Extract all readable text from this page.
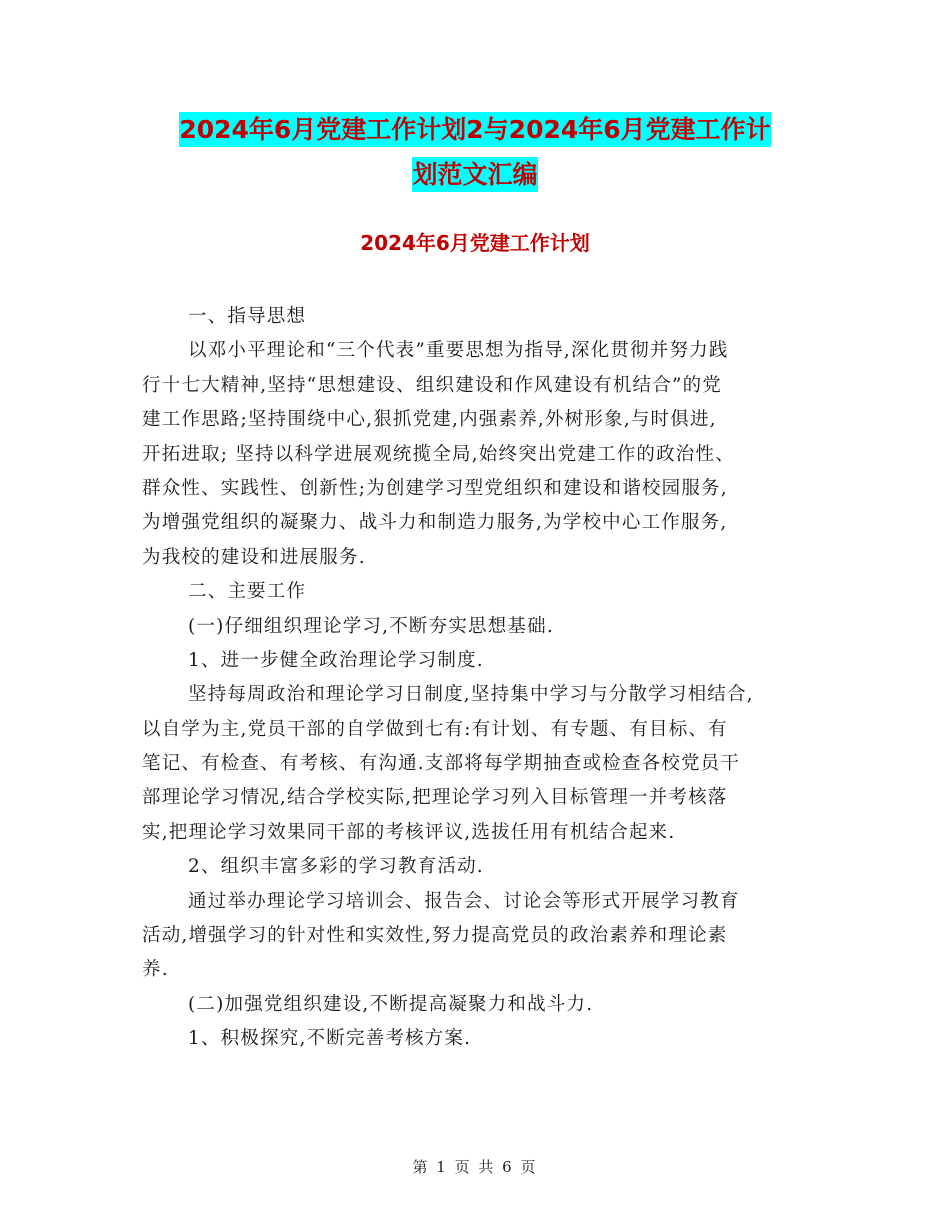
2024年6月党建工作计划2与2024年6月党建工作计
划范文汇编
2024年6月党建工作计划
一、指导思想
以邓小平理论和“三个代表”重要思想为指导,深化贯彻并努力践
行十七大精神,坚持“思想建设、组织建设和作风建设有机结合”的党
建工作思路;坚持围绕中心,狠抓党建,内强素养,外树形象,与时俱进,
开拓进取; 坚持以科学进展观统揽全局,始终突出党建工作的政治性、
群众性、实践性、创新性;为创建学习型党组织和建设和谐校园服务,
为增强党组织的凝聚力、战斗力和制造力服务,为学校中心工作服务,
为我校的建设和进展服务.
二、主要工作
(一)仔细组织理论学习,不断夯实思想基础.
1、进一步健全政治理论学习制度.
坚持每周政治和理论学习日制度,坚持集中学习与分散学习相结合,
以自学为主,党员干部的自学做到七有:有计划、有专题、有目标、有
笔记、有检查、有考核、有沟通.支部将每学期抽查或检查各校党员干
部理论学习情况,结合学校实际,把理论学习列入目标管理一并考核落
实,把理论学习效果同干部的考核评议,选拔任用有机结合起来.
2、组织丰富多彩的学习教育活动.
通过举办理论学习培训会、报告会、讨论会等形式开展学习教育
活动,增强学习的针对性和实效性,努力提高党员的政治素养和理论素
养.
(二)加强党组织建设,不断提高凝聚力和战斗力.
1、积极探究,不断完善考核方案.
第 1 页 共 6 页
